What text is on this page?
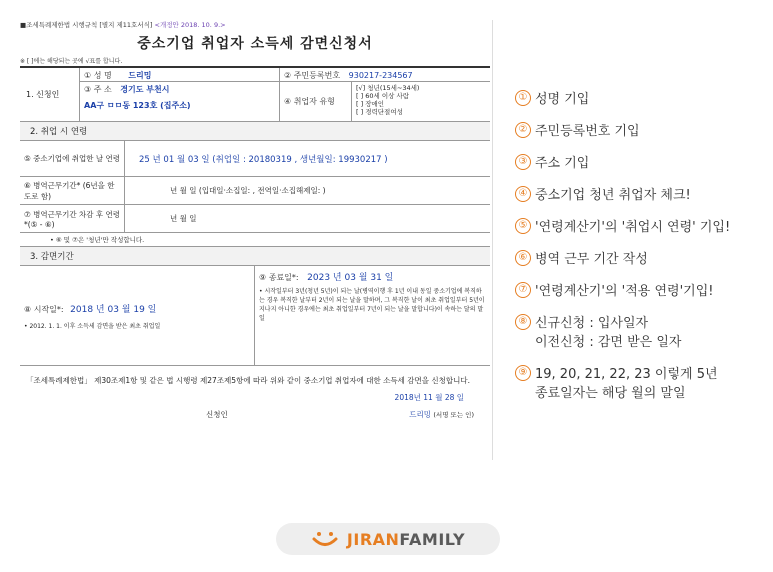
■조세특례제한법 시행규칙 [별지 제11호서식] <개정안 2018. 10. 9.>
중소기업 취업자 소득세 감면신청서
※ [ ]에는 해당되는 곳에 √표를 합니다.
1. 신청인
① 성 명 드리밍	② 주민등록번호 930217-234567
③ 주 소 경기도 부천시
AA구 ㅁㅁ동 123호 (집주소)	④ 취업자 유형
[√] 청년(15세∼34세)
[ ] 60세 이상 사람
[ ] 장애인
[ ] 경력단절여성
2. 취업 시 연령
⑤ 중소기업에 취업한 날 연령	25 년 01 월 03 일 (취업일 : 20180319 , 생년월일: 19930217 )
⑥ 병역근무기간* (6년을 한도로 함)
년 월 일 (입대일·소집일: , 전역일·소집해제일: )
⑦ 병역근무기간 차감 후 연령*(⑤ - ⑥)
년 월 일
• ⑥ 및 ⑦은 '청년'만 작성합니다.
3. 감면기간
⑧ 시작일*: 2018 년 03 월 19 일
• 2012. 1. 1. 이후 소득세 감면을 받은 최초 취업일
⑨ 종료일*: 2023 년 03 월 31 일
• 시작일부터 3년(청년 5년)이 되는 날(병역이행 후 1년 이내 동일 중소기업에 복직하는 경우 복직한 날부터 2년이 되는 날을 말하며, 그 복직한 날이 최초 취업일부터 5년이 지나지 아니한 경우에는 최초 취업일부터 7년이 되는 날을 말합니다)이 속하는 달의 말일
「조세특례제한법」 제30조제1항 및 같은 법 시행령 제27조제5항에 따라 위와 같이 중소기업 취업자에 대한 소득세 감면을 신청합니다.
2018년 11 월 28 일
신청인	드리밍 (서명 또는 인)
① 성명 기입
② 주민등록번호 기입
③ 주소 기입
④ 중소기업 청년 취업자 체크!
⑤ '연령계산기'의 '취업시 연령' 기입!
⑥ 병역 근무 기간 작성
⑦ '연령계산기'의 '적용 연령'기입!
⑧ 신규신청 : 입사일자
이전신청 : 감면 받은 일자
⑨ 19, 20, 21, 22, 23 이렇게 5년
종료일자는 해당 월의 말일
JIRANFAMILY
